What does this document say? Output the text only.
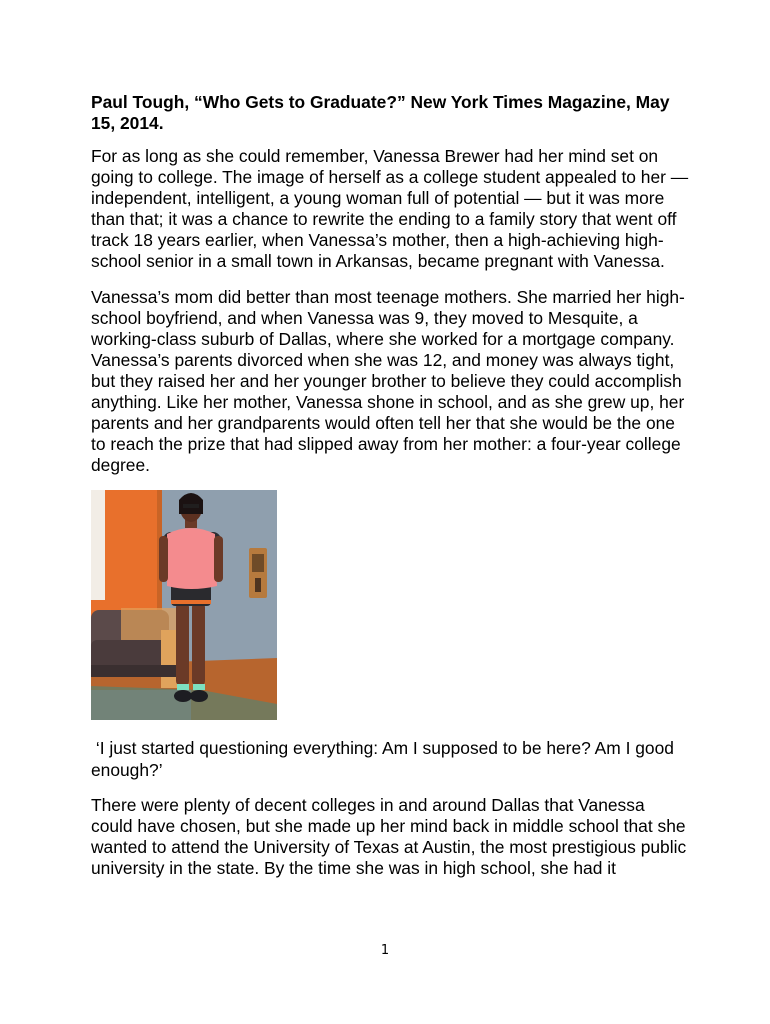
Paul Tough, “Who Gets to Graduate?” New York Times Magazine, May 15, 2014.

For as long as she could remember, Vanessa Brewer had her mind set on going to college. The image of herself as a college student appealed to her — independent, intelligent, a young woman full of potential — but it was more than that; it was a chance to rewrite the ending to a family story that went off track 18 years earlier, when Vanessa’s mother, then a high-achieving high-school senior in a small town in Arkansas, became pregnant with Vanessa.

Vanessa’s mom did better than most teenage mothers. She married her high-school boyfriend, and when Vanessa was 9, they moved to Mesquite, a working-class suburb of Dallas, where she worked for a mortgage company. Vanessa’s parents divorced when she was 12, and money was always tight, but they raised her and her younger brother to believe they could accomplish anything. Like her mother, Vanessa shone in school, and as she grew up, her parents and her grandparents would often tell her that she would be the one to reach the prize that had slipped away from her mother: a four-year college degree.

‘I just started questioning everything: Am I supposed to be here? Am I good enough?’

There were plenty of decent colleges in and around Dallas that Vanessa could have chosen, but she made up her mind back in middle school that she wanted to attend the University of Texas at Austin, the most prestigious public university in the state. By the time she was in high school, she had it

1
